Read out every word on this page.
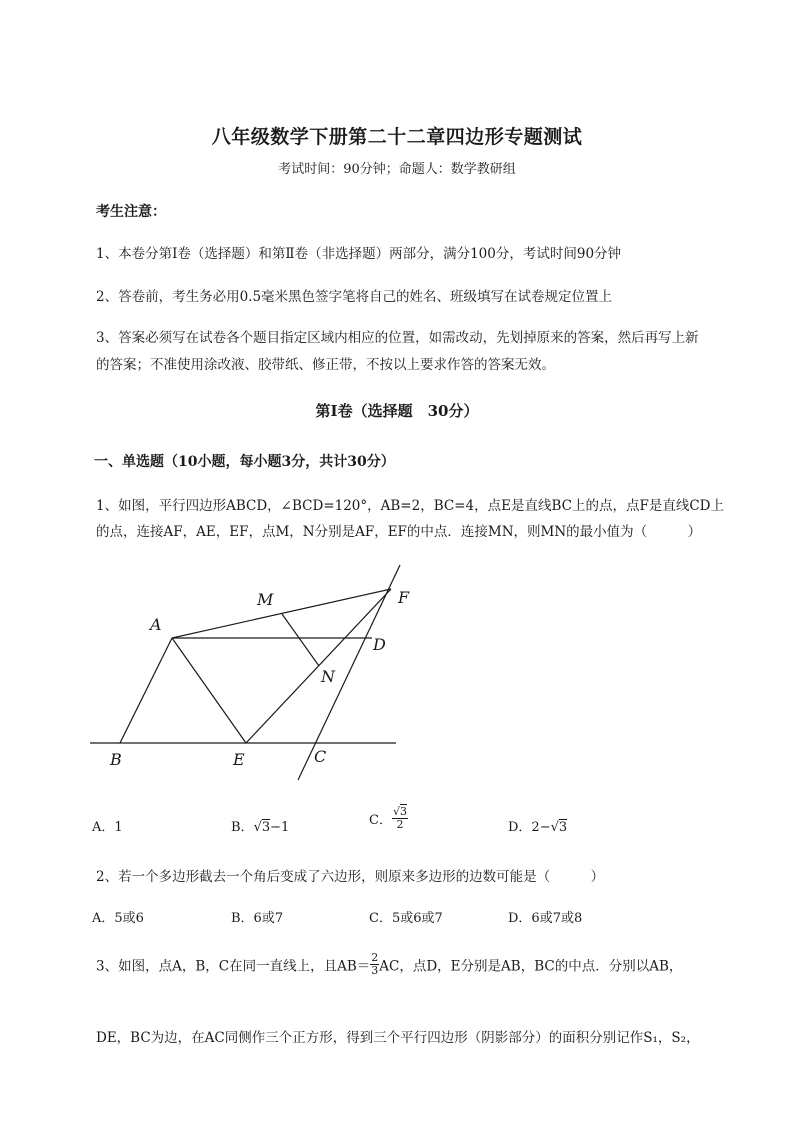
八年级数学下册第二十二章四边形专题测试
考试时间：90分钟；命题人：数学教研组
考生注意：
1、本卷分第Ⅰ卷（选择题）和第Ⅱ卷（非选择题）两部分，满分100分，考试时间90分钟
2、答卷前，考生务必用0.5毫米黑色签字笔将自己的姓名、班级填写在试卷规定位置上
3、答案必须写在试卷各个题目指定区域内相应的位置，如需改动，先划掉原来的答案，然后再写上新
的答案；不准使用涂改液、胶带纸、修正带，不按以上要求作答的答案无效。
第Ⅰ卷（选择题　30分）
一、单选题（10小题，每小题3分，共计30分）
1、如图，平行四边形ABCD，∠BCD=120°，AB=2，BC=4，点E是直线BC上的点，点F是直线CD上
的点，连接AF，AE，EF，点M，N分别是AF，EF的中点．连接MN，则MN的最小值为（　　　）
A
B	C
D
E
F
M
N
A．1	B．√3−1	C． $\frac{√3}{2}$	D．2−√3
2、若一个多边形截去一个角后变成了六边形，则原来多边形的边数可能是（　　　）
A．5或6	B．6或7	C．5或6或7	D．6或7或8
3、如图，点A，B，C在同一直线上，且$AB= \frac{2}{3}$ AC，点D，E分别是AB，BC的中点．分别以AB，
DE，BC为边，在AC同侧作三个正方形，得到三个平行四边形（阴影部分）的面积分别记作S₁，S₂，
